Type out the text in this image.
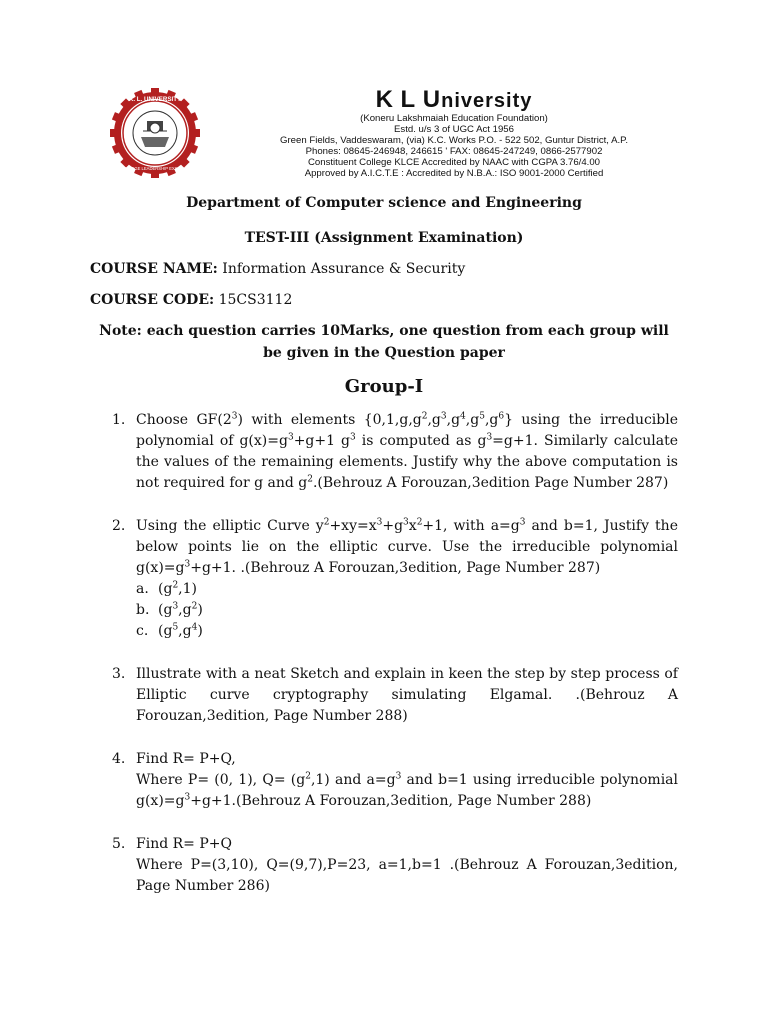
K. L. UNIVERSITY
KNOWLEDGE LEADERSHIP EXCELLENCE
K L University
(Koneru Lakshmaiah Education Foundation)
Estd. u/s 3 of UGC Act 1956
Green Fields, Vaddeswaram, (via) K.C. Works P.O. - 522 502, Guntur District, A.P.
Phones: 08645-246948, 246615 ' FAX: 08645-247249, 0866-2577902
Constituent College KLCE Accredited by NAAC with CGPA 3.76/4.00
Approved by A.I.C.T.E : Accredited by N.B.A.: ISO 9001-2000 Certified
Department of Computer science and Engineering
TEST-III (Assignment Examination)
COURSE NAME: Information Assurance & Security
COURSE CODE: 15CS3112
Note: each question carries 10Marks, one question from each group will
be given in the Question paper
Group-I
1. Choose $GF(2^3)$ with elements $\{0,1,g,g^2,g^3,g^4,g^5,g^6\}$ using the irreducible polynomial of $g(x)=g^3+g+1$ $g^3$ is computed as $g^3=g+1$. Similarly calculate the values of the remaining elements. Justify why the above computation is not required for g and $g^2.(Behrouz$ A Forouzan,3edition Page Number 287)

2. Using the elliptic Curve $y^2+xy=x^3+g^3x^2+1$, with $a=g^3$ and b=1, Justify the below points lie on the elliptic curve. Use the irreducible polynomial $g(x)=g^3+g+1$. .(Behrouz A Forouzan,3edition, Page Number 287)

a. $(g^2,1)$
b. $(g^3,g^2)$
c. $(g^5,g^4)$
3. Illustrate with a neat Sketch and explain in keen the step by step process of Elliptic curve cryptography simulating Elgamal. .(Behrouz A Forouzan,3edition, Page Number 288)

4. Find R= P+Q,

Where P= (0, 1), $Q= (g^2,1)$ and $a=g^3$ and b=1 using irreducible polynomial $g(x)=g^3+g+1.(Behrouz$ A Forouzan,3edition, Page Number 288)

5. Find R= P+Q

Where P=(3,10), Q=(9,7),P=23, a=1,b=1 .(Behrouz A Forouzan,3edition, Page Number 286)
